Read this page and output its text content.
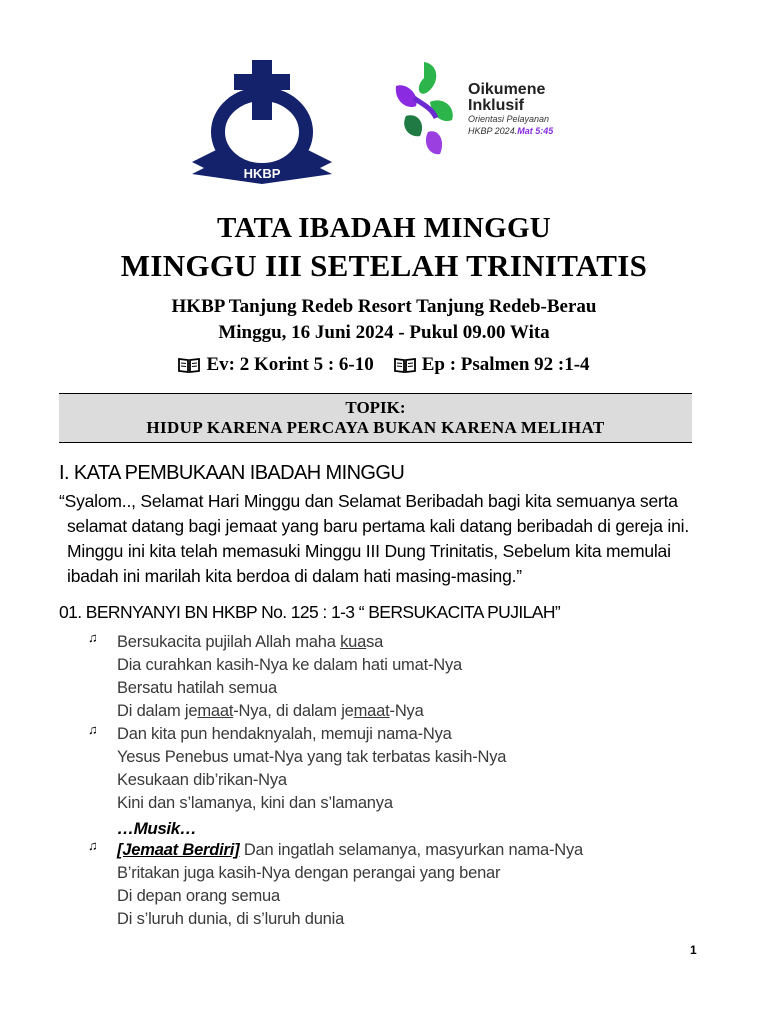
HKBP
Oikumene
Inklusif
Orientasi Pelayanan
HKBP 2024.Mat 5:45
TATA IBADAH MINGGU
MINGGU III SETELAH TRINITATIS
HKBP Tanjung Redeb Resort Tanjung Redeb-Berau
Minggu, 16 Juni 2024 - Pukul 09.00 Wita
Ev: 2 Korint 5 : 6-10	Ep : Psalmen 92 :1-4
TOPIK:
HIDUP KARENA PERCAYA BUKAN KARENA MELIHAT
I. KATA PEMBUKAAN IBADAH MINGGU
“Syalom.., Selamat Hari Minggu dan Selamat Beribadah bagi kita semuanya serta
selamat datang bagi jemaat yang baru pertama kali datang beribadah di gereja ini.
Minggu ini kita telah memasuki Minggu III Dung Trinitatis, Sebelum kita memulai
ibadah ini marilah kita berdoa di dalam hati masing-masing.”
01. BERNYANYI BN HKBP No. 125 : 1-3 “ BERSUKACITA PUJILAH”
♫ Bersukacita pujilah Allah maha kuasa
Dia curahkan kasih-Nya ke dalam hati umat-Nya
Bersatu hatilah semua
Di dalam jemaat-Nya, di dalam jemaat-Nya
♫ Dan kita pun hendaknyalah, memuji nama-Nya
Yesus Penebus umat-Nya yang tak terbatas kasih-Nya
Kesukaan dib’rikan-Nya
Kini dan s’lamanya, kini dan s’lamanya
…Musik…
♫ [Jemaat Berdiri] Dan ingatlah selamanya, masyurkan nama-Nya
B’ritakan juga kasih-Nya dengan perangai yang benar
Di depan orang semua
Di s’luruh dunia, di s’luruh dunia
1
